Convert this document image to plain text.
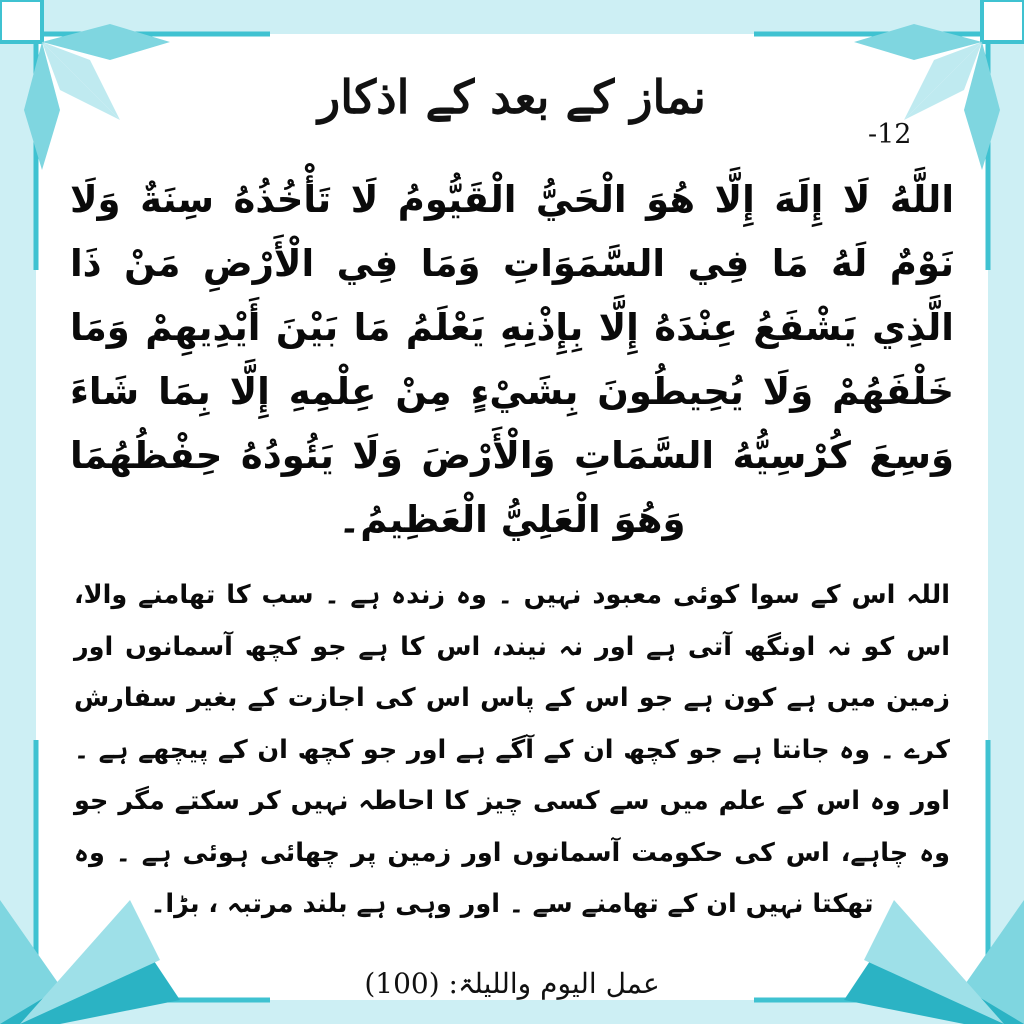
نماز کے بعد کے اذکار
-12

اللَّهُ لَا إِلَهَ إِلَّا هُوَ الْحَيُّ الْقَيُّومُ لَا تَأْخُذُهُ سِنَةٌ وَلَا نَوْمٌ لَهُ مَا فِي السَّمَوَاتِ وَمَا فِي الْأَرْضِ مَنْ ذَا الَّذِي يَشْفَعُ عِنْدَهُ إِلَّا بِإِذْنِهِ يَعْلَمُ مَا بَيْنَ أَيْدِيهِمْ وَمَا خَلْفَهُمْ وَلَا يُحِيطُونَ بِشَيْءٍ مِنْ عِلْمِهِ إِلَّا بِمَا شَاءَ وَسِعَ كُرْسِيُّهُ السَّمَاتِ وَالْأَرْضَ وَلَا يَئُودُهُ حِفْظُهُمَا وَهُوَ الْعَلِيُّ الْعَظِيمُ۔

اللہ اس کے سوا کوئی معبود نہیں ۔ وہ زندہ ہے ۔ سب کا تھامنے والا، اس کو نہ اونگھ آتی ہے اور نہ نیند، اس کا ہے جو کچھ آسمانوں اور زمین میں ہے کون ہے جو اس کے پاس اس کی اجازت کے بغیر سفارش کرے ۔ وہ جانتا ہے جو کچھ ان کے آگے ہے اور جو کچھ ان کے پیچھے ہے ۔ اور وہ اس کے علم میں سے کسی چیز کا احاطہ نہیں کر سکتے مگر جو وہ چاہے، اس کی حکومت آسمانوں اور زمین پر چھائی ہوئی ہے ۔ وہ تھکتا نہیں ان کے تھامنے سے ۔ اور وہی ہے بلند مرتبہ ، بڑا۔

عمل الیوم واللیلۃ: (100)
